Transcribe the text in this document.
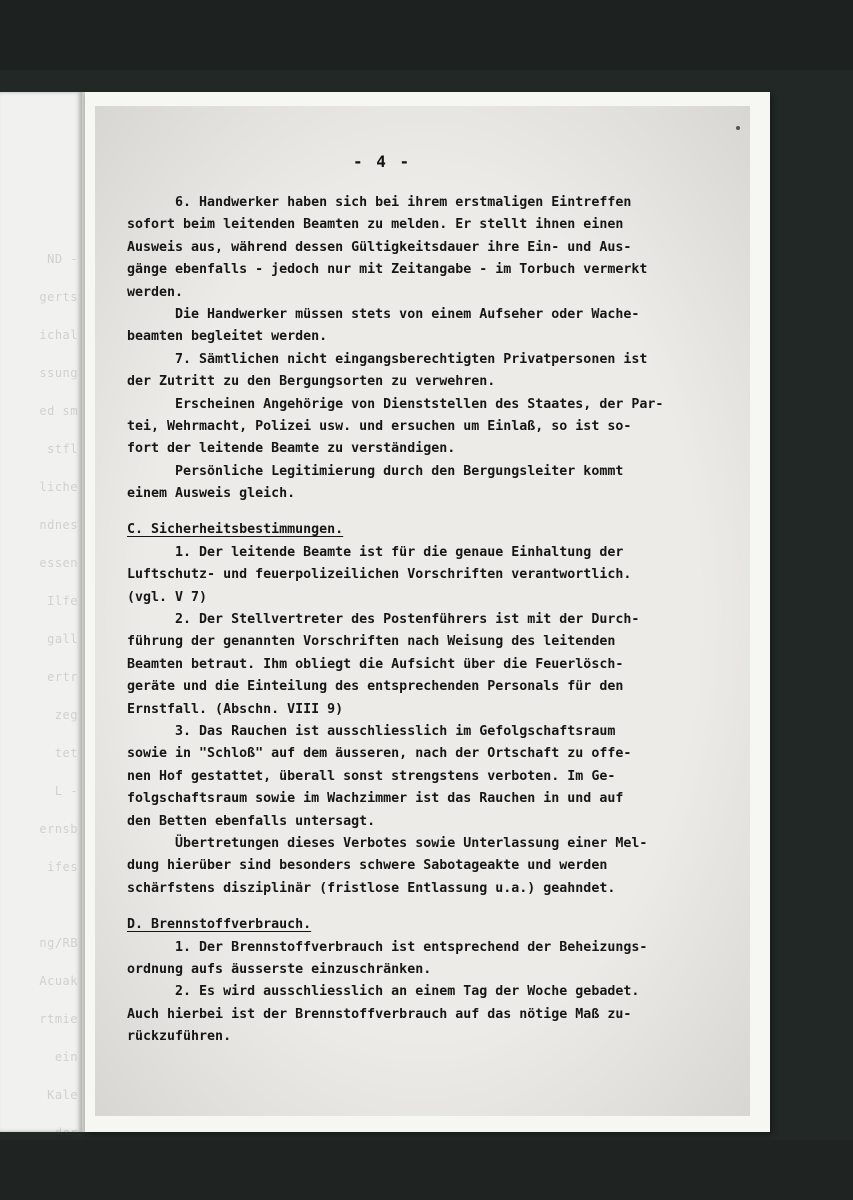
ND -
gerts
ichal
ssung
ed sm
stfl
liche
ndnes
essen
Ilfe
gall
ertr
zeg
tet
L -
ernsb
ifes
ng/RB
Acuak
rtmie
ein
Kale
der
- 4 -
6. Handwerker haben sich bei ihrem erstmaligen Eintreffen
sofort beim leitenden Beamten zu melden. Er stellt ihnen einen
Ausweis aus, während dessen Gültigkeitsdauer ihre Ein- und Aus-
gänge ebenfalls - jedoch nur mit Zeitangabe - im Torbuch vermerkt
werden.
Die Handwerker müssen stets von einem Aufseher oder Wache-
beamten begleitet werden.
7. Sämtlichen nicht eingangsberechtigten Privatpersonen ist
der Zutritt zu den Bergungsorten zu verwehren.
Erscheinen Angehörige von Dienststellen des Staates, der Par-
tei, Wehrmacht, Polizei usw. und ersuchen um Einlaß, so ist so-
fort der leitende Beamte zu verständigen.
Persönliche Legitimierung durch den Bergungsleiter kommt
einem Ausweis gleich.
C. Sicherheitsbestimmungen.
1. Der leitende Beamte ist für die genaue Einhaltung der
Luftschutz- und feuerpolizeilichen Vorschriften verantwortlich.
(vgl. V 7)
2. Der Stellvertreter des Postenführers ist mit der Durch-
führung der genannten Vorschriften nach Weisung des leitenden
Beamten betraut. Ihm obliegt die Aufsicht über die Feuerlösch-
geräte und die Einteilung des entsprechenden Personals für den
Ernstfall. (Abschn. VIII 9)
3. Das Rauchen ist ausschliesslich im Gefolgschaftsraum
sowie in "Schloß" auf dem äusseren, nach der Ortschaft zu offe-
nen Hof gestattet, überall sonst strengstens verboten. Im Ge-
folgschaftsraum sowie im Wachzimmer ist das Rauchen in und auf
den Betten ebenfalls untersagt.
Übertretungen dieses Verbotes sowie Unterlassung einer Mel-
dung hierüber sind besonders schwere Sabotageakte und werden
schärfstens disziplinär (fristlose Entlassung u.a.) geahndet.
D. Brennstoffverbrauch.
1. Der Brennstoffverbrauch ist entsprechend der Beheizungs-
ordnung aufs äusserste einzuschränken.
2. Es wird ausschliesslich an einem Tag der Woche gebadet.
Auch hierbei ist der Brennstoffverbrauch auf das nötige Maß zu-
rückzuführen.
